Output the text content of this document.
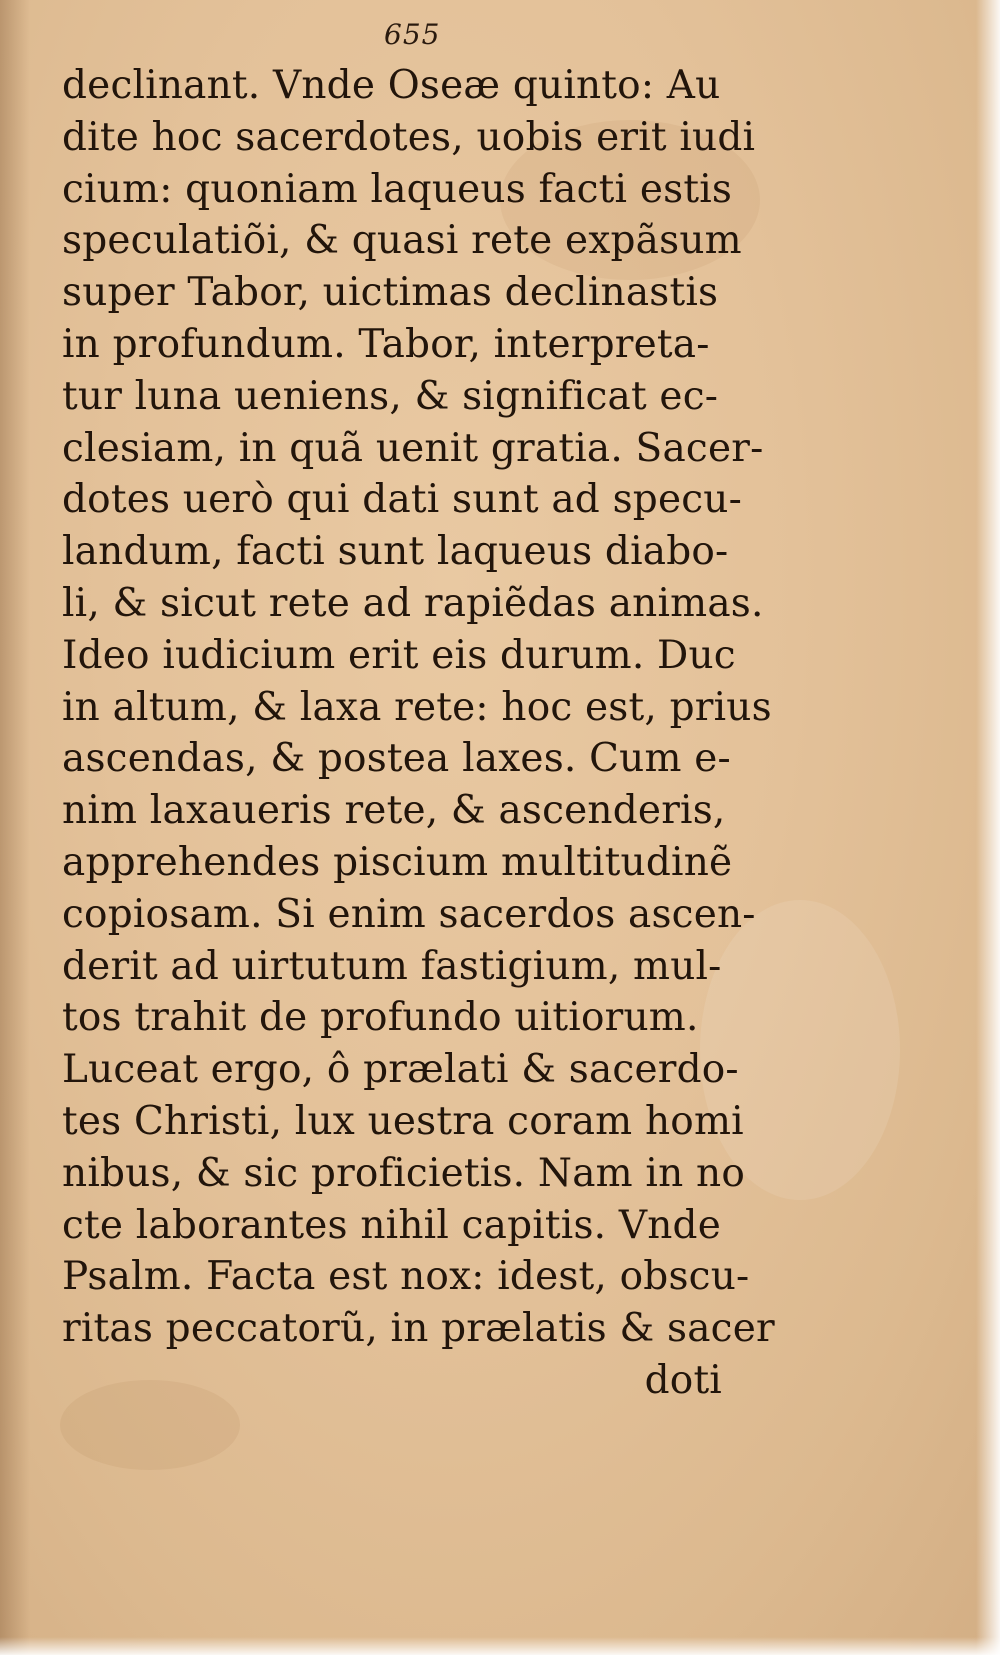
655
declinant. Vnde Oseæ quinto: Au
dite hoc sacerdotes, uobis erit iudi
cium: quoniam laqueus facti estis
speculatiõi, & quasi rete expãsum
super Tabor, uictimas declinastis
in profundum. Tabor, interpreta-
tur luna ueniens, & significat ec-
clesiam, in quã uenit gratia. Sacer-
dotes uerò qui dati sunt ad specu-
landum, facti sunt laqueus diabo-
li, & sicut rete ad rapiẽdas animas.
Ideo iudicium erit eis durum. Duc
in altum, & laxa rete: hoc est, prius
ascendas, & postea laxes. Cum e-
nim laxaueris rete, & ascenderis,
apprehendes piscium multitudinẽ
copiosam. Si enim sacerdos ascen-
derit ad uirtutum fastigium, mul-
tos trahit de profundo uitiorum.
Luceat ergo, ô prælati & sacerdo-
tes Christi, lux uestra coram homi
nibus, & sic proficietis. Nam in no
cte laborantes nihil capitis. Vnde
Psalm. Facta est nox: idest, obscu-
ritas peccatorũ, in prælatis & sacer
doti
